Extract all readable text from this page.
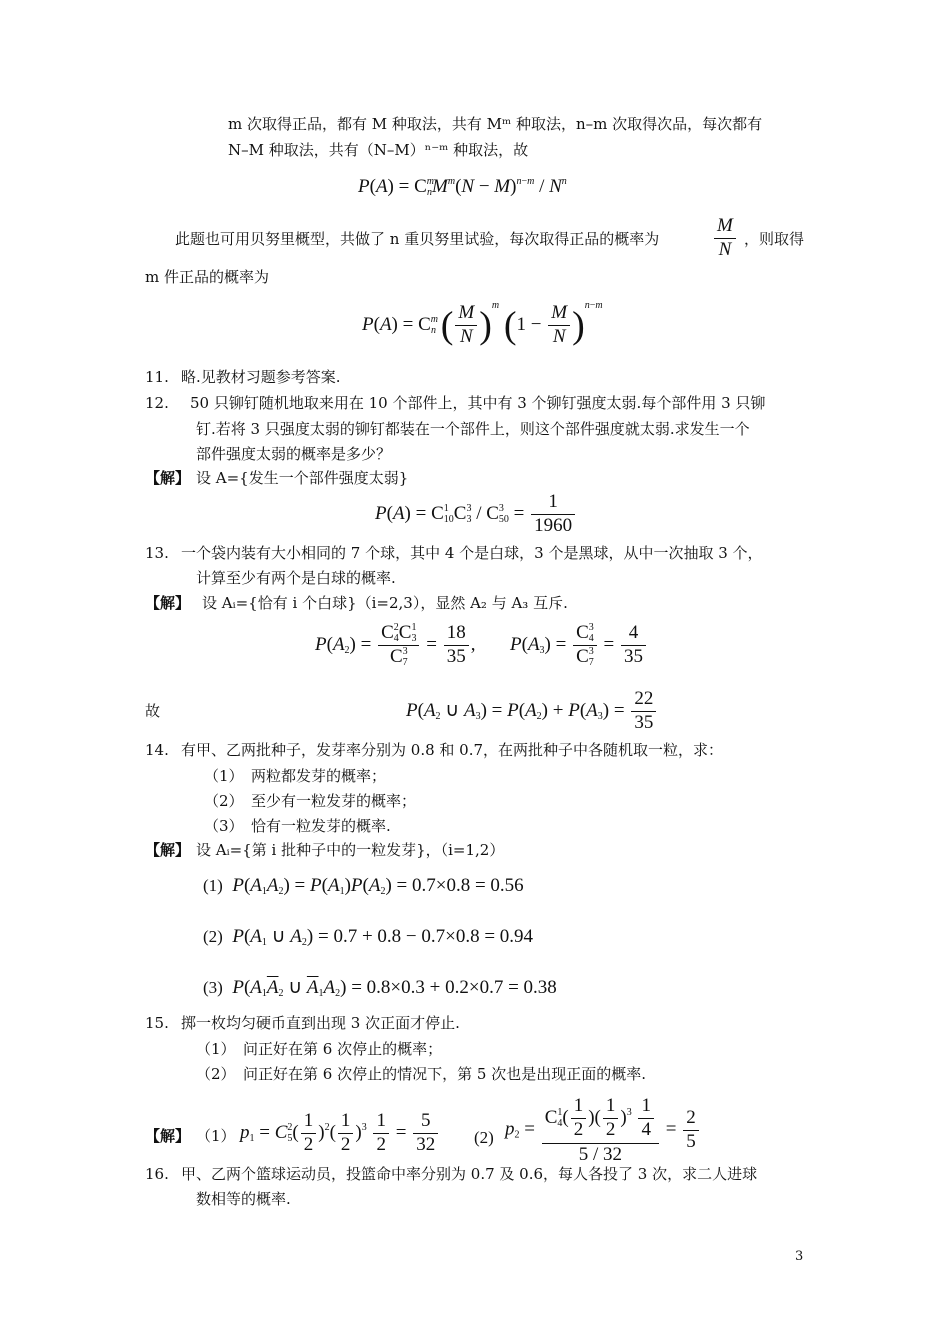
m 次取得正品，都有 M 种取法，共有 Mᵐ 种取法，n–m 次取得次品，每次都有
N–M 种取法，共有（N–M）ⁿ⁻ᵐ 种取法，故
$P(A) = C^m_nM^m(N - M)^{n-m} / N^n$
此题也可用贝努里概型，共做了 n 重贝努里试验，每次取得正品的概率为	$\frac{M}{N}$ ，则取得
m 件正品的概率为
$P(A) = C^m_n$ ( $\frac{M}{N} )^m$ $(1 - \frac{M}{N} )^{n-m}$
11. 略.见教材习题参考答案.
12. 50 只铆钉随机地取来用在 10 个部件上，其中有 3 个铆钉强度太弱.每个部件用 3 只铆
钉.若将 3 只强度太弱的铆钉都装在一个部件上，则这个部件强度就太弱.求发生一个
部件强度太弱的概率是多少？
【解】 设 A={发生一个部件强度太弱}
$P(A) = C^1_{10}C^3_3 / C^3_{50} = \frac{1}{1960}$
13. 一个袋内装有大小相同的 7 个球，其中 4 个是白球，3 个是黑球，从中一次抽取 3 个，
计算至少有两个是白球的概率.
【解】 设 Aᵢ={恰有 i 个白球}（i=2,3），显然 A₂ 与 A₃ 互斥.
$P(A_2) = \frac{C^2_4C^1_3}{C^3_7} = \frac{18}{35}$ , $P(A_3) = \frac{C^3_4}{C^3_7} = \frac{4}{35}$
故	$P(A_2$ ∪ $A_3) = P(A_2) + P(A_3) = \frac{22}{35}$
14. 有甲、乙两批种子，发芽率分别为 0.8 和 0.7，在两批种子中各随机取一粒，求：
（1）　两粒都发芽的概率；
（2）　至少有一粒发芽的概率；
（3）　恰有一粒发芽的概率.
【解】 设 Aᵢ={第 i 批种子中的一粒发芽}，（i=1,2）
(1) $P(A_1A_2) = P(A_1)P(A_2) = 0.7\times 0.8 = 0.56$
(2) $P(A_1$ ∪ $A_2) = 0.7 + 0.8 - 0.7\times 0.8 = 0.94$
(3) $P(A_1\overline{A}_2$ ∪ $\overline{A}_1A_2) = 0.8\times 0.3 + 0.2\times 0.7 = 0.38$
15. 掷一枚均匀硬币直到出现 3 次正面才停止.
（1）　问正好在第 6 次停止的概率；
（2）　问正好在第 6 次停止的情况下，第 5 次也是出现正面的概率.
【解】 （1） $p_1 = C^2_5( \frac{1}{2} )^2( \frac{1}{2} )^3 \frac{1}{2} = \frac{5}{32} (2) p_2 = \frac{C^1_4( \frac{1}{2} )( \frac{1}{2} )^3 \frac{1}{4}}{5 / 32} = \frac{2}{5}$
16. 甲、乙两个篮球运动员，投篮命中率分别为 0.7 及 0.6，每人各投了 3 次，求二人进球
数相等的概率.
3
